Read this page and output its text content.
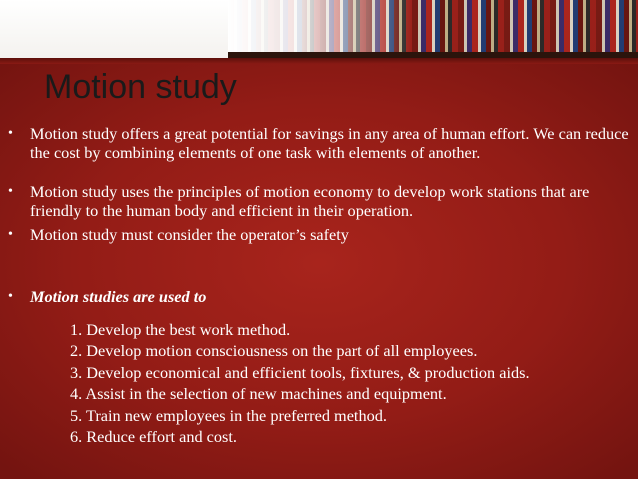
Motion study
• Motion study offers a great potential for savings in any area of human effort. We can reduce the cost by combining elements of one task with elements of another.
• Motion study uses the principles of motion economy to develop work stations that are friendly to the human body and efficient in their operation.
• Motion study must consider the operator’s safety
• Motion studies are used to
1. Develop the best work method.
2. Develop motion consciousness on the part of all employees.
3. Develop economical and efficient tools, fixtures, & production aids.
4. Assist in the selection of new machines and equipment.
5. Train new employees in the preferred method.
6. Reduce effort and cost.
